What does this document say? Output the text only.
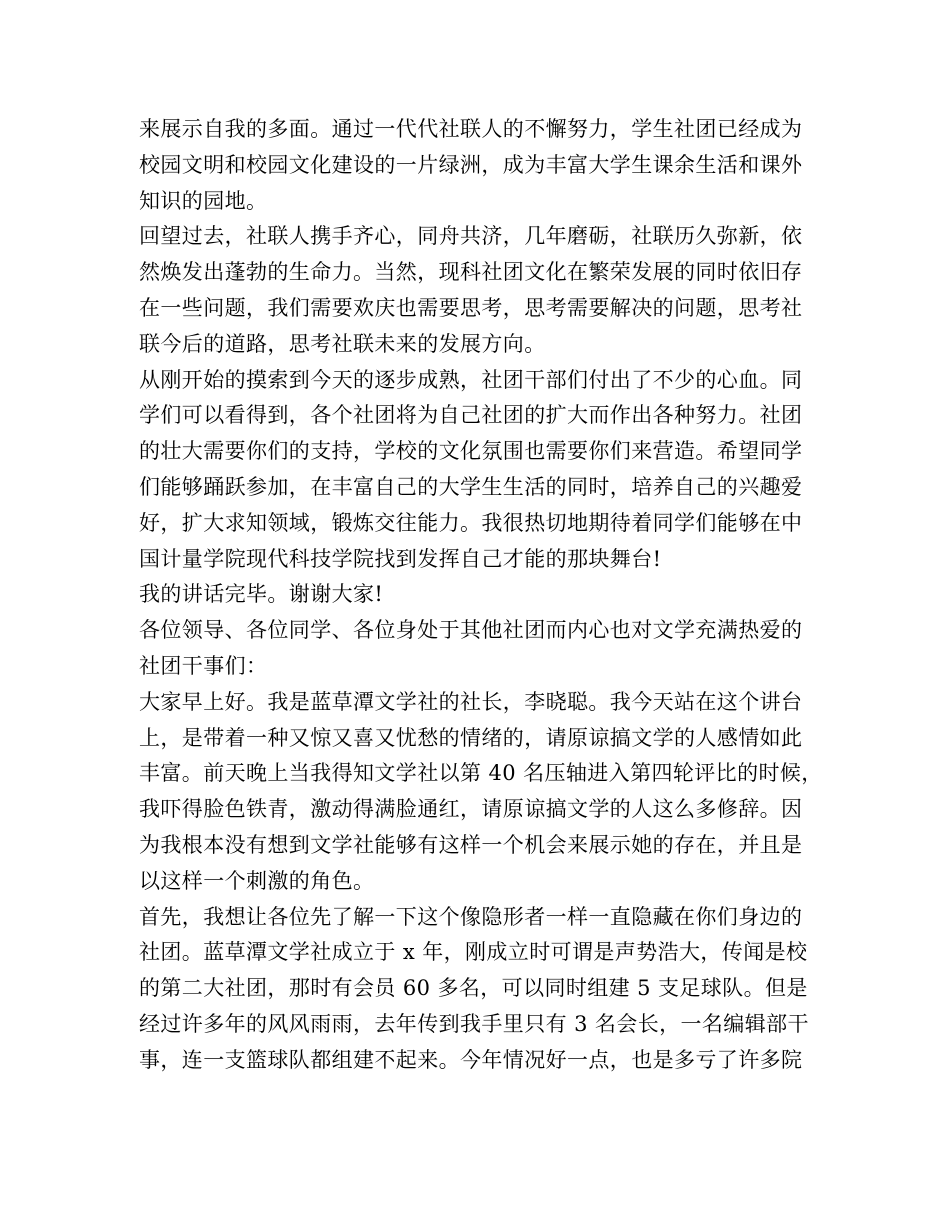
来展示自我的多面。通过一代代社联人的不懈努力，学生社团已经成为
校园文明和校园文化建设的一片绿洲，成为丰富大学生课余生活和课外
知识的园地。
回望过去，社联人携手齐心，同舟共济，几年磨砺，社联历久弥新，依
然焕发出蓬勃的生命力。当然，现科社团文化在繁荣发展的同时依旧存
在一些问题，我们需要欢庆也需要思考，思考需要解决的问题，思考社
联今后的道路，思考社联未来的发展方向。
从刚开始的摸索到今天的逐步成熟，社团干部们付出了不少的心血。同
学们可以看得到，各个社团将为自己社团的扩大而作出各种努力。社团
的壮大需要你们的支持，学校的文化氛围也需要你们来营造。希望同学
们能够踊跃参加，在丰富自己的大学生生活的同时，培养自己的兴趣爱
好，扩大求知领域，锻炼交往能力。我很热切地期待着同学们能够在中
国计量学院现代科技学院找到发挥自己才能的那块舞台!
我的讲话完毕。谢谢大家!
各位领导、各位同学、各位身处于其他社团而内心也对文学充满热爱的
社团干事们：
大家早上好。我是蓝草潭文学社的社长，李晓聪。我今天站在这个讲台
上，是带着一种又惊又喜又忧愁的情绪的，请原谅搞文学的人感情如此
丰富。前天晚上当我得知文学社以第 40 名压轴进入第四轮评比的时候，
我吓得脸色铁青，激动得满脸通红，请原谅搞文学的人这么多修辞。因
为我根本没有想到文学社能够有这样一个机会来展示她的存在，并且是
以这样一个刺激的角色。
首先，我想让各位先了解一下这个像隐形者一样一直隐藏在你们身边的
社团。蓝草潭文学社成立于 x 年，刚成立时可谓是声势浩大，传闻是校
的第二大社团，那时有会员 60 多名，可以同时组建 5 支足球队。但是
经过许多年的风风雨雨，去年传到我手里只有 3 名会长，一名编辑部干
事，连一支篮球队都组建不起来。今年情况好一点，也是多亏了许多院
